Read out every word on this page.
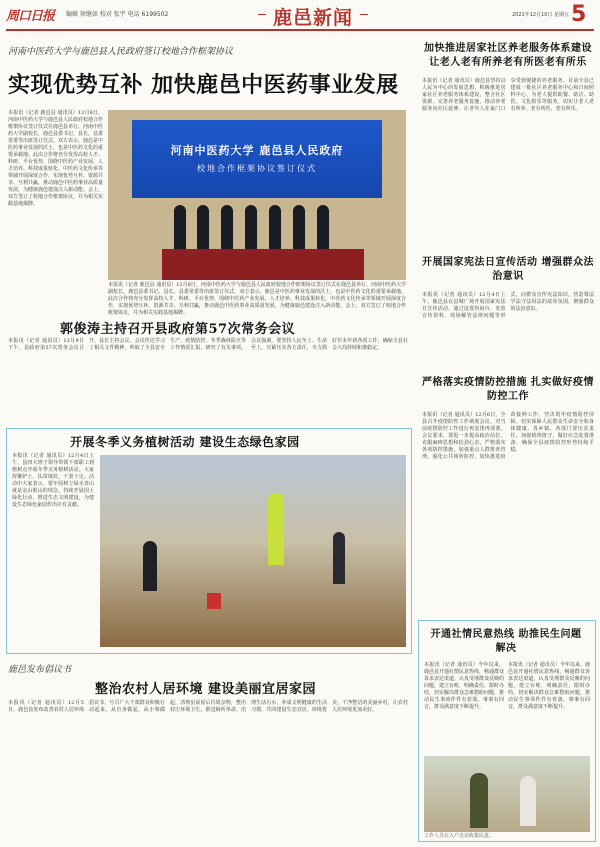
周口日报 编辑 徐继如 校对 张宇 电话 6199502	鹿邑新闻	2021年12月10日 星期五 5
河南中医药大学与鹿邑县人民政府签订校地合作框架协议
实现优势互补 加快鹿邑中医药事业发展
本报讯（记者 鹿邑县 通讯员）12月8日，河南中医药大学与鹿邑县人民政府校地合作框架协议签订仪式在鹿邑县举行。河南中医药大学副校长，鹿邑县委书记、县长，县委常委等出席签订仪式。双方表示，鹿邑是中医药事业发展的沃土，也是中医药文化的重要承载地。此次合作将充分发挥高校人才、科研、平台优势，围绕中医药产业发展、人才培养、科技成果转化、中医药文化传承等领域开展深度合作，实现优势互补、资源共享、互利共赢，推动鹿邑中医药事业高质量发展，为健康鹿邑建设注入新动能。会上，双方签订了校地合作框架协议，并为相关实践基地揭牌。
河南中医药大学 鹿邑县人民政府
校地合作框架协议签订仪式
本报讯（记者 鹿邑县 通讯员）12月8日，河南中医药大学与鹿邑县人民政府校地合作框架协议签订仪式在鹿邑县举行。河南中医药大学副校长，鹿邑县委书记、县长，县委常委等出席签订仪式。双方表示，鹿邑是中医药事业发展的沃土，也是中医药文化的重要承载地。此次合作将充分发挥高校人才、科研、平台优势，围绕中医药产业发展、人才培养、科技成果转化、中医药文化传承等领域开展深度合作，实现优势互补、资源共享、互利共赢，推动鹿邑中医药事业高质量发展，为健康鹿邑建设注入新动能。会上，双方签订了校地合作框架协议，并为相关实践基地揭牌。
郭俊涛主持召开县政府第57次常务会议
本报讯（记者 通讯员）12月9日下午，县政府第57次常务会议召开，县长主持会议。会议传达学习了相关文件精神，听取了全县安全生产、疫情防控、冬季森林防火等工作情况汇报，研究了有关事项。会议强调，要坚持人民至上、生命至上，压紧压实各方责任，全力抓好岁末年初各项工作，确保全县社会大局持续和谐稳定。
开展冬季义务植树活动 建设生态绿色家园
本报讯（记者 通讯员）12月4日上午，县四大班子领导带领干部职工到植树点开展冬季义务植树活动。大家挥锹铲土、扶苗填坑，干劲十足。活动中大家表示，要牢固树立绿水青山就是金山银山的理念，持续开展国土绿化行动，推进生态文明建设，为建设生态绿色家园作出应有贡献。
鹿邑发布倡议书
整治农村人居环境 建设美丽宜居家园
本报讯（记者 通讯员）12月5日，鹿邑县发布改善农村人居环境倡议书，号召广大干部群众积极行动起来，从自身做起，从小事做起，清理房前屋后垃圾杂物，整治村庄环境卫生，推进厕所革命，治理生活污水，养成文明健康的生活习惯，共同建设生态宜居、环境优美、干净整洁的美丽乡村，让农村人居环境更加美好。
加快推进居家社区养老服务体系建设 让老人老有所养老有所医老有所乐
本报讯（记者 通讯员）鹿邑县坚持以人民为中心的发展思想，积极推进居家社区养老服务体系建设，整合社区资源，完善养老服务设施，推动养老服务向社区延伸，让老年人在家门口享受到便捷的养老服务。目前全县已建成一批社区养老服务中心和日间照料中心，为老人提供助餐、助洁、助医、文化娱乐等服务，切实让老人老有所养、老有所医、老有所乐。
开展国家宪法日宣传活动 增强群众法治意识
本报讯（记者 通讯员）12月4日上午，鹿邑县在县城广场开展国家宪法日宣传活动，通过设置咨询台、发放宣传资料、现场解答法律问题等形式，向群众宣传宪法知识，营造尊法学法守法用法的浓厚氛围，增强群众的法治意识。
严格落实疫情防控措施 扎实做好疫情防控工作
本报讯（记者 通讯员）12月6日，全县召开疫情防控工作调度会议，对当前疫情防控工作进行再安排再部署。会议要求，要进一步提高政治站位，克服麻痹思想和松劲心态，严格落实各项防控措施，加强重点人群排查管理，强化公共场所防控，加快推进疫苗接种工作，坚决筑牢疫情防控屏障，切实保障人民群众生命安全和身体健康。各乡镇、各部门要压实责任，加强值班值守，做好应急处置准备，确保全县疫情防控形势持续平稳。
开通社情民意热线 助推民生问题解决
本报讯（记者 通讯员）今年以来，鹿邑县开通社情民意热线，畅通群众诉求表达渠道，认真受理群众反映的问题，建立台账，明确责任，限时办结，切实解决群众急难愁盼问题，推动民生事项件件有着落、事事有回音，群众满意度不断提升。
本报讯（记者 通讯员）今年以来，鹿邑县开通社情民意热线，畅通群众诉求表达渠道，认真受理群众反映的问题，建立台账，明确责任，限时办结，切实解决群众急难愁盼问题，推动民生事项件件有着落、事事有回音，群众满意度不断提升。
工作人员在入户走访收集民意。
